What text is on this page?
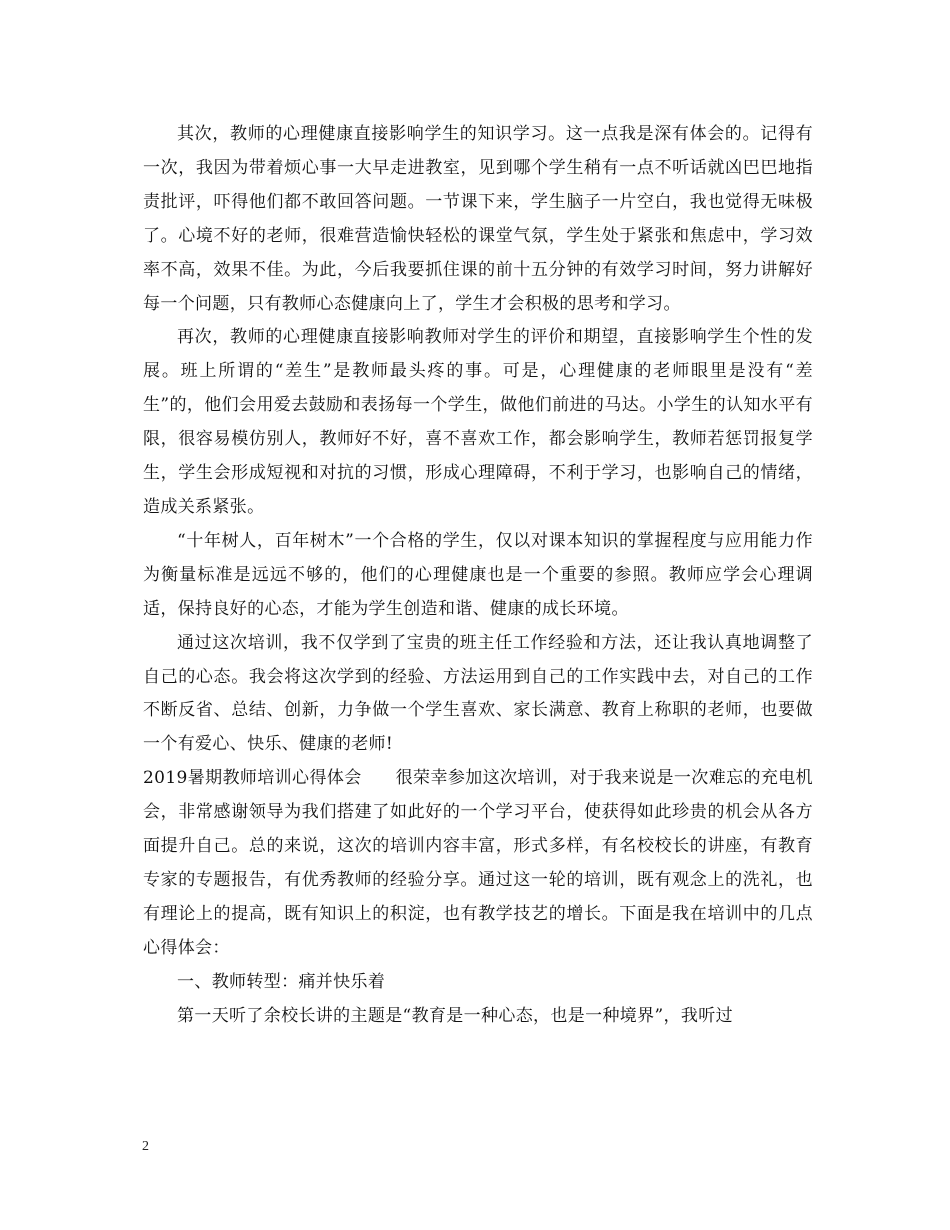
其次，教师的心理健康直接影响学生的知识学习。这一点我是深有体会的。记得有一次，我因为带着烦心事一大早走进教室，见到哪个学生稍有一点不听话就凶巴巴地指责批评，吓得他们都不敢回答问题。一节课下来，学生脑子一片空白，我也觉得无味极了。心境不好的老师，很难营造愉快轻松的课堂气氛，学生处于紧张和焦虑中，学习效率不高，效果不佳。为此，今后我要抓住课的前十五分钟的有效学习时间，努力讲解好每一个问题，只有教师心态健康向上了，学生才会积极的思考和学习。

再次，教师的心理健康直接影响教师对学生的评价和期望，直接影响学生个性的发展。班上所谓的“差生”是教师最头疼的事。可是，心理健康的老师眼里是没有“差生”的，他们会用爱去鼓励和表扬每一个学生，做他们前进的马达。小学生的认知水平有限，很容易模仿别人，教师好不好，喜不喜欢工作，都会影响学生，教师若惩罚报复学生，学生会形成短视和对抗的习惯，形成心理障碍，不利于学习，也影响自己的情绪，造成关系紧张。

“十年树人，百年树木”一个合格的学生，仅以对课本知识的掌握程度与应用能力作为衡量标准是远远不够的，他们的心理健康也是一个重要的参照。教师应学会心理调适，保持良好的心态，才能为学生创造和谐、健康的成长环境。

通过这次培训，我不仅学到了宝贵的班主任工作经验和方法，还让我认真地调整了自己的心态。我会将这次学到的经验、方法运用到自己的工作实践中去，对自己的工作不断反省、总结、创新，力争做一个学生喜欢、家长满意、教育上称职的老师，也要做一个有爱心、快乐、健康的老师!

2019暑期教师培训心得体会 很荣幸参加这次培训，对于我来说是一次难忘的充电机会，非常感谢领导为我们搭建了如此好的一个学习平台，使获得如此珍贵的机会从各方面提升自己。总的来说，这次的培训内容丰富，形式多样，有名校校长的讲座，有教育专家的专题报告，有优秀教师的经验分享。通过这一轮的培训，既有观念上的洗礼，也有理论上的提高，既有知识上的积淀，也有教学技艺的增长。下面是我在培训中的几点心得体会：

一、教师转型：痛并快乐着

第一天听了余校长讲的主题是“教育是一种心态，也是一种境界”，我听过

2
